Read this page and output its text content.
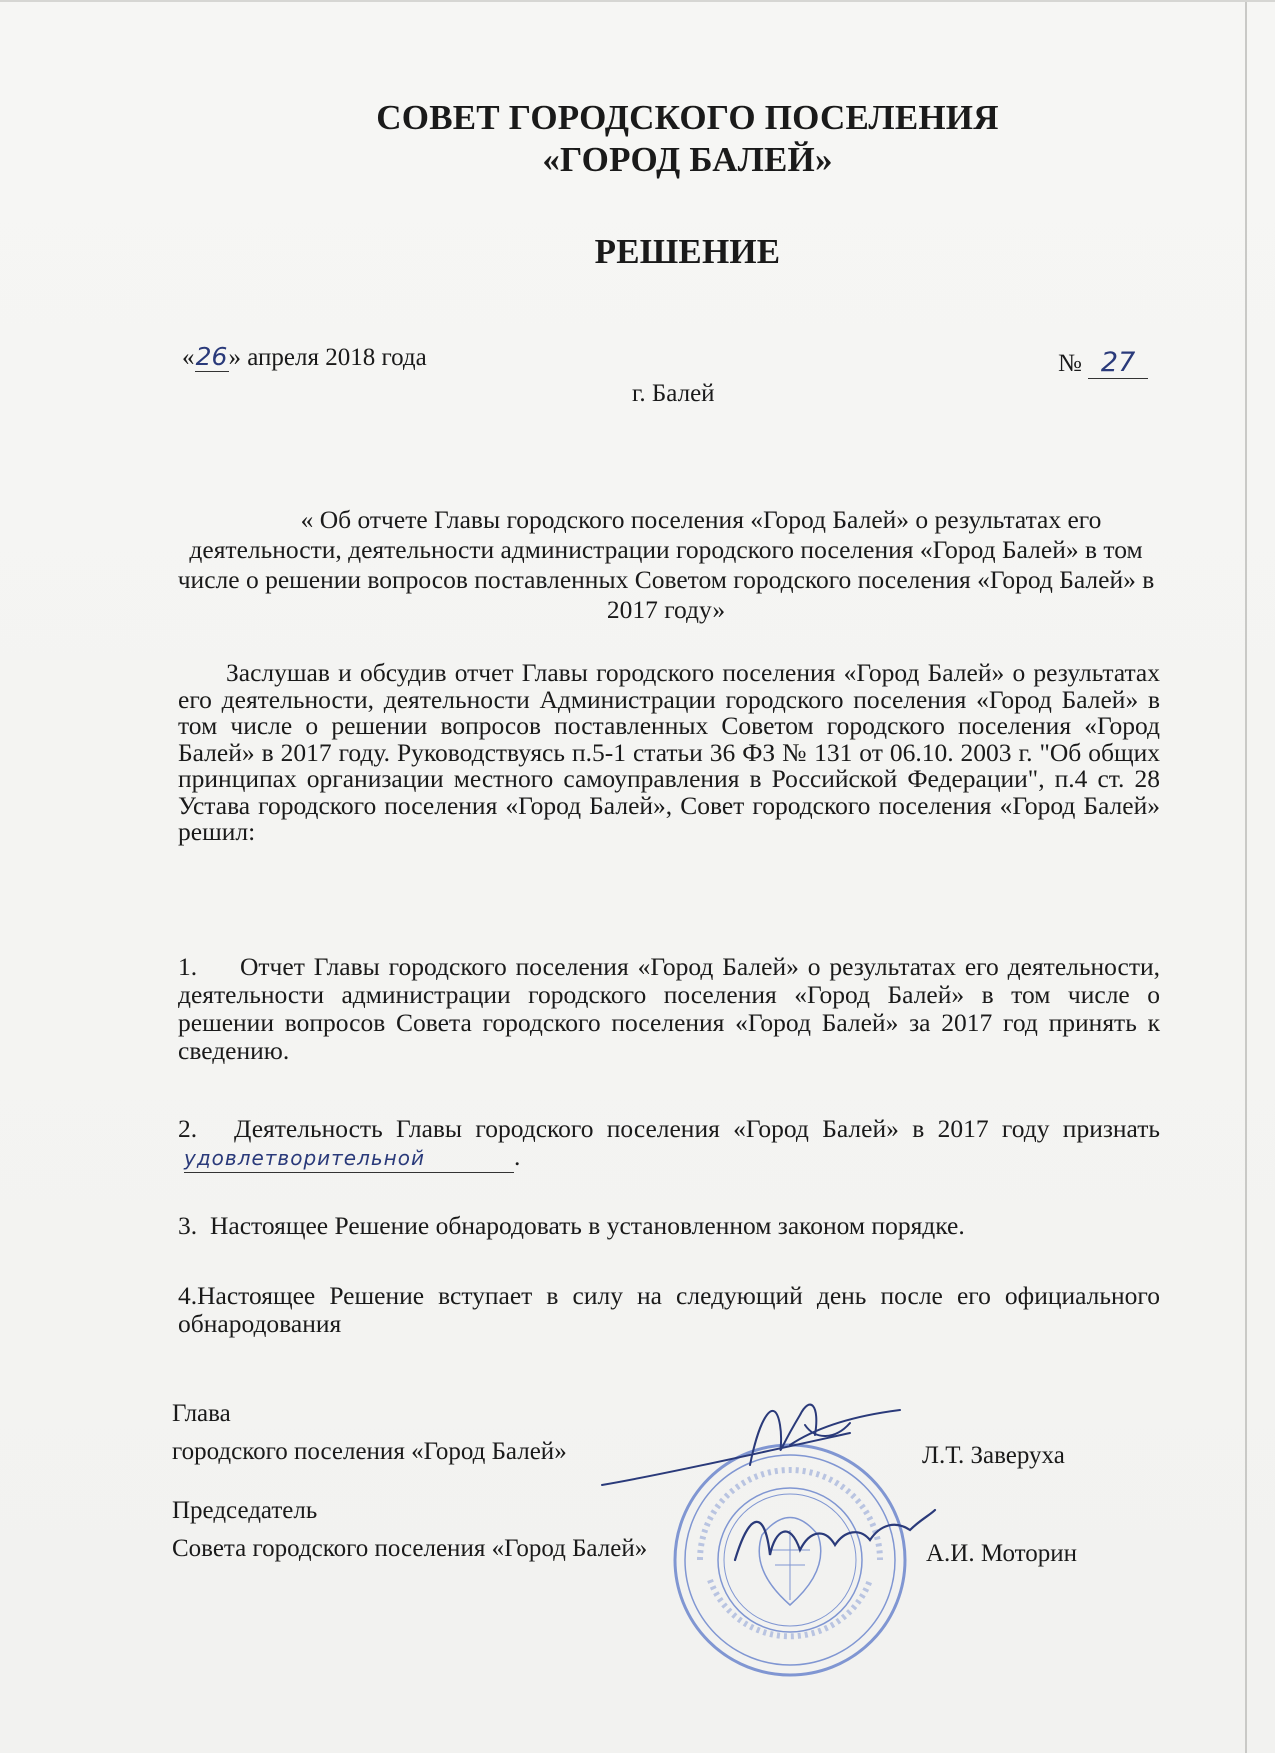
СОВЕТ ГОРОДСКОГО ПОСЕЛЕНИЯ
«ГОРОД БАЛЕЙ»
РЕШЕНИЕ
«26» апреля 2018 года	№ 27
г. Балей
« Об отчете Главы городского поселения «Город Балей» о результатах его деятельности, деятельности администрации городского поселения «Город Балей» в том числе о решении вопросов поставленных Советом городского поселения «Город Балей» в 2017 году»
Заслушав и обсудив отчет Главы городского поселения «Город Балей» о результатах его деятельности, деятельности Администрации городского поселения «Город Балей» в том числе о решении вопросов поставленных Советом городского поселения «Город Балей» в 2017 году. Руководствуясь п.5-1 статьи 36 ФЗ № 131 от 06.10. 2003 г. "Об общих принципах организации местного самоуправления в Российской Федерации", п.4 ст. 28 Устава городского поселения «Город Балей», Совет городского поселения «Город Балей» решил:
1. Отчет Главы городского поселения «Город Балей» о результатах его деятельности, деятельности администрации городского поселения «Город Балей» в том числе о решении вопросов Совета городского поселения «Город Балей» за 2017 год принять к сведению.
2. Деятельность Главы городского поселения «Город Балей» в 2017 году признать удовлетворительной	.
3. Настоящее Решение обнародовать в установленном законом порядке.
4.Настоящее Решение вступает в силу на следующий день после его официального обнародования
Глава
городского поселения «Город Балей»	Л.Т. Заверуха
Председатель
Совета городского поселения «Город Балей»	А.И. Моторин
